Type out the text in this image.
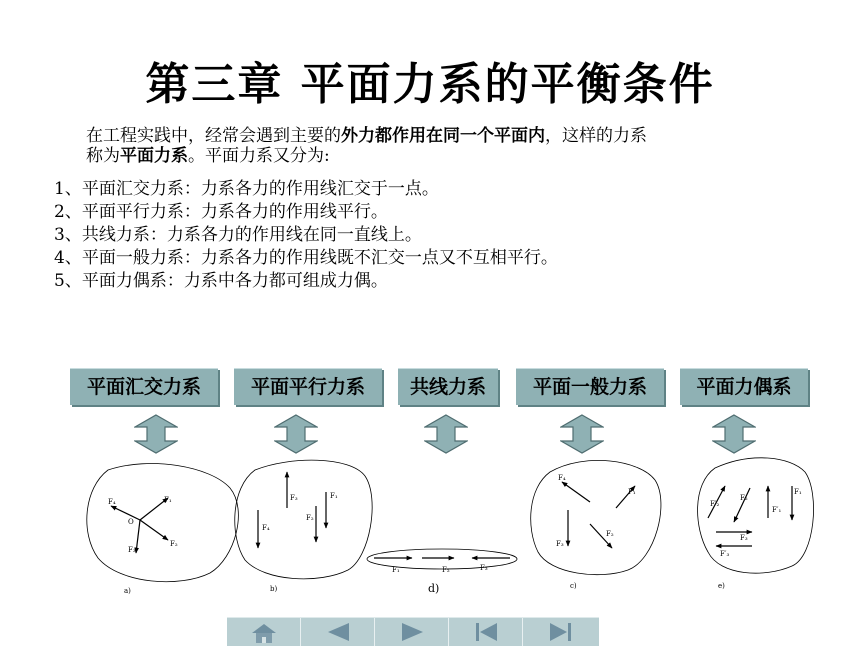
第三章 平面力系的平衡条件
在工程实践中，经常会遇到主要的外力都作用在同一个平面内，这样的力系
称为平面力系。平面力系又分为:
1、平面汇交力系：力系各力的作用线汇交于一点。
2、平面平行力系：力系各力的作用线平行。
3、共线力系：力系各力的作用线在同一直线上。
4、平面一般力系：力系各力的作用线既不汇交一点又不互相平行。
5、平面力偶系：力系中各力都可组成力偶。
平面汇交力系	平面平行力系	共线力系	平面一般力系	平面力偶系
F₄	F₁
O
F₃
F₂
a)
F₁
F₂
F₃
F₄
b)
F₁	F₂	F₃
d)
F₄
F₁
F₃
F₂
c)
F′₂
F₂
F′₁
F₁
F₃
F′₃
e)
